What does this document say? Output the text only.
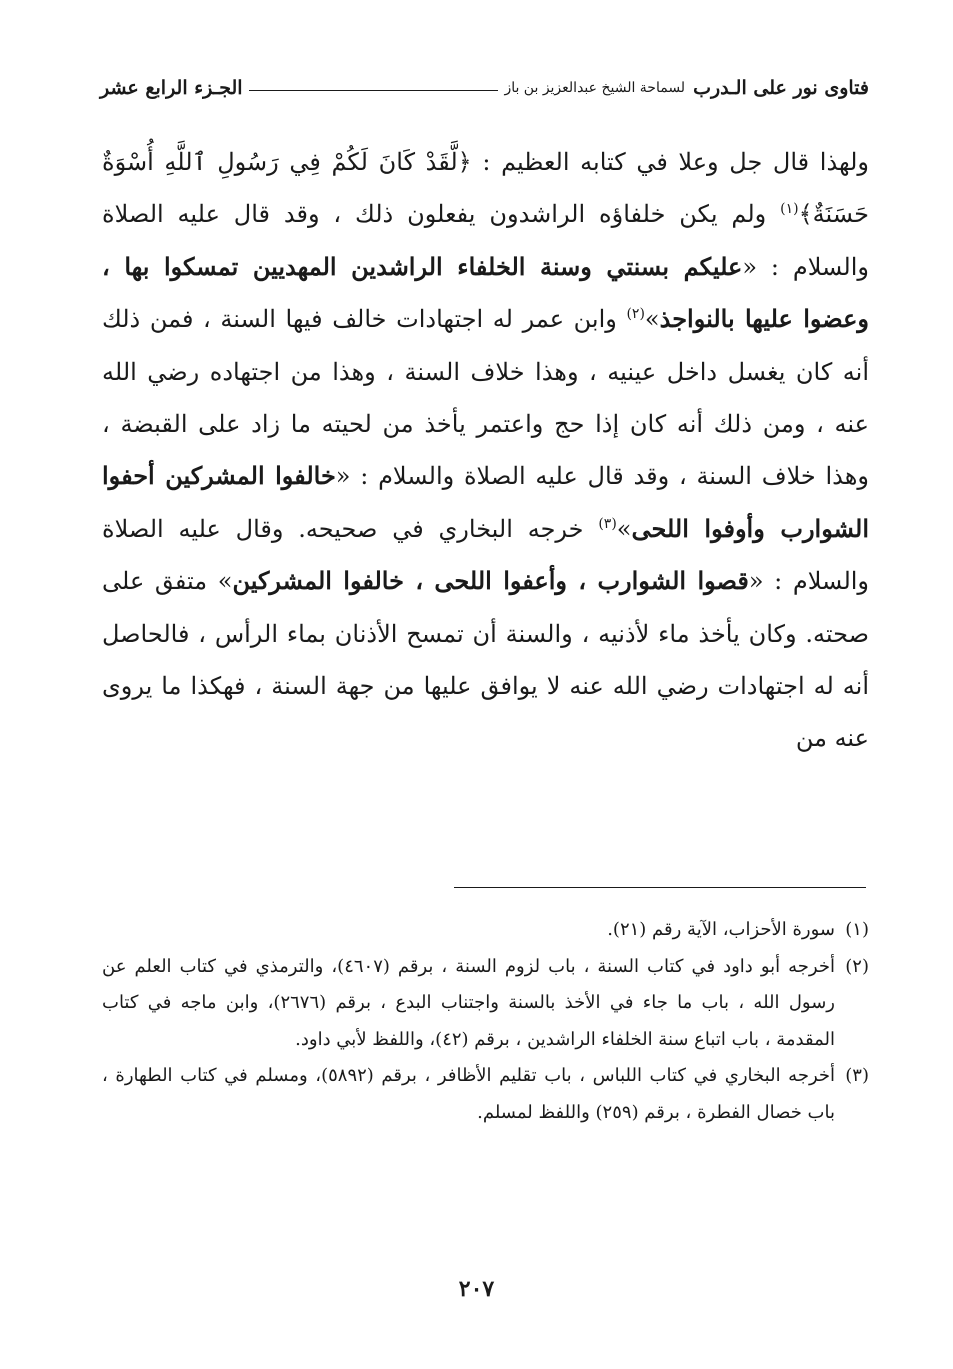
فتاوى نور على الـدرب
لسماحة الشيخ عبدالعزيز بن باز
الجـزء الرابع عشر

ولهذا قال جل وعلا في كتابه العظيم : ﴿لَّقَدْ كَانَ لَكُمْ فِي رَسُولِ ٱللَّهِ أُسْوَةٌ حَسَنَةٌ﴾$^{(١)}$ ولم يكن خلفاؤه الراشدون يفعلون ذلك ، وقد قال عليه الصلاة والسلام : «عليكم بسنتي وسنة الخلفاء الراشدين المهديين تمسكوا بها ، وعضوا عليها بالنواجذ»$^{(٢)}$ وابن عمر له اجتهادات خالف فيها السنة ، فمن ذلك أنه كان يغسل داخل عينيه ، وهذا خلاف السنة ، وهذا من اجتهاده رضي الله عنه ، ومن ذلك أنه كان إذا حج واعتمر يأخذ من لحيته ما زاد على القبضة ، وهذا خلاف السنة ، وقد قال عليه الصلاة والسلام : «خالفوا المشركين أحفوا الشوارب وأوفوا اللحى»$^{(٣)}$ خرجه البخاري في صحيحه. وقال عليه الصلاة والسلام : «قصوا الشوارب ، وأعفوا اللحى ، خالفوا المشركين» متفق على صحته. وكان يأخذ ماء لأذنيه ، والسنة أن تمسح الأذنان بماء الرأس ، فالحاصل أنه له اجتهادات رضي الله عنه لا يوافق عليها من جهة السنة ، فهكذا ما يروى عنه من

(١)
سورة الأحزاب، الآية رقم (٢١).
(٢)
أخرجه أبو داود في كتاب السنة ، باب لزوم السنة ، برقم (٤٦٠٧)، والترمذي في كتاب العلم عن رسول الله ، باب ما جاء في الأخذ بالسنة واجتناب البدع ، برقم (٢٦٧٦)، وابن ماجه في كتاب المقدمة ، باب اتباع سنة الخلفاء الراشدين ، برقم (٤٢)، واللفظ لأبي داود.
(٣)
أخرجه البخاري في كتاب اللباس ، باب تقليم الأظافر ، برقم (٥٨٩٢)، ومسلم في كتاب الطهارة ، باب خصال الفطرة ، برقم (٢٥٩) واللفظ لمسلم.
٢٠٧
